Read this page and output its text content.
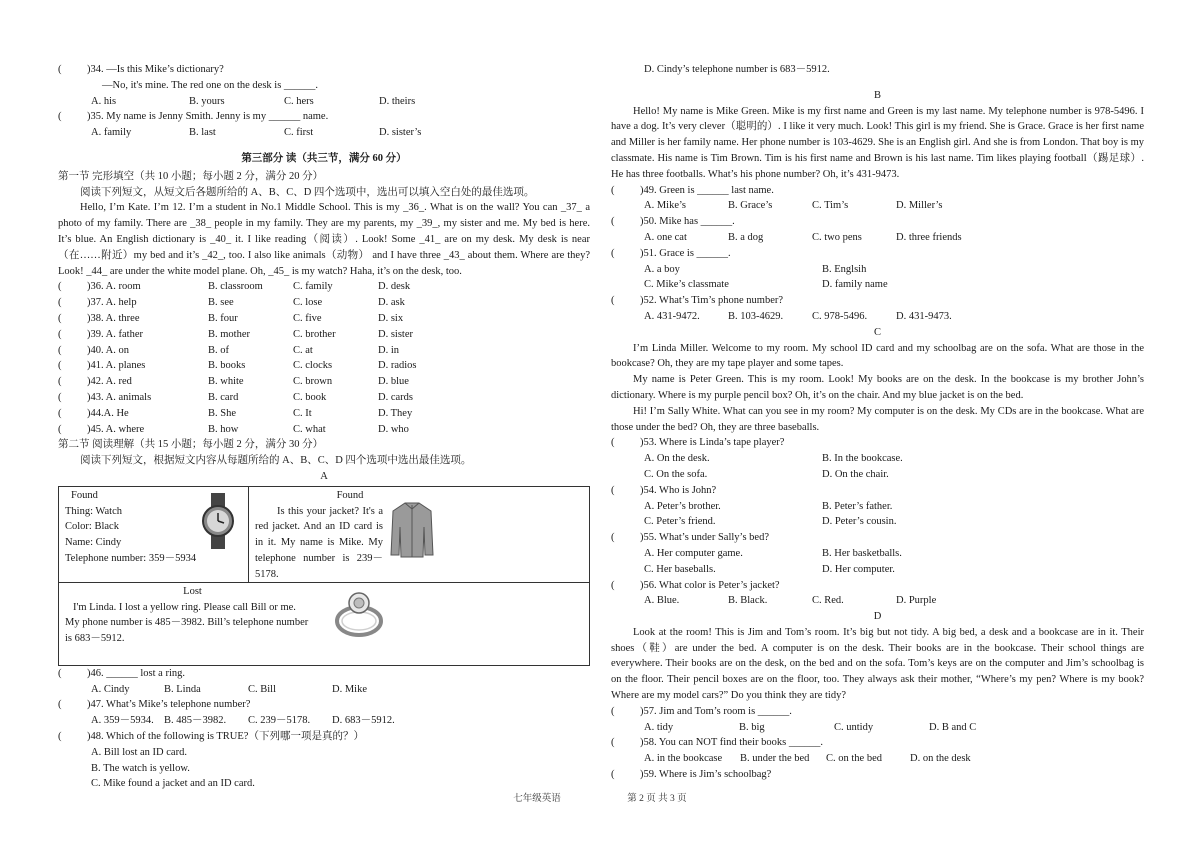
(	)34. —Is this Mike’s dictionary?
—No, it's mine. The red one on the desk is ______.
A. his	B. yours	C. hers	D. theirs
(	)35. My name is Jenny Smith. Jenny is my ______ name.
A. family	B. last	C. first	D. sister’s
第三部分 读（共三节，满分 60 分）
第一节 完形填空（共 10 小题；每小题 2 分，满分 20 分）
阅读下列短文，从短文后各题所给的 A、B、C、D 四个选项中，选出可以填入空白处的最佳选项。
Hello, I’m Kate. I’m 12. I’m a student in No.1 Middle School. This is my _36_. What is on the wall? You can _37_ a photo of my family. There are _38_ people in my family. They are my parents, my _39_, my sister and me. My bed is here. It’s blue. An English dictionary is _40_ it. I like reading（阅读）. Look! Some _41_ are on my desk. My desk is near（在……附近）my bed and it’s _42_, too. I also like animals（动物） and I have three _43_ about them. Where are they? Look! _44_ are under the white model plane. Oh, _45_ is my watch? Haha, it’s on the desk, too.
(	)36. A. room	B. classroom	C. family	D. desk
(	)37. A. help	B. see	C. lose	D. ask
(	)38. A. three	B. four	C. five	D. six
(	)39. A. father	B. mother	C. brother	D. sister
(	)40. A. on	B. of	C. at	D. in
(	)41. A. planes	B. books	C. clocks	D. radios
(	)42. A. red	B. white	C. brown	D. blue
(	)43. A. animals	B. card	C. book	D. cards
(	)44.A. He	B. She	C. It	D. They
(	)45. A. where	B. how	C. what	D. who
第二节 阅读理解（共 15 小题；每小题 2 分，满分 30 分）
阅读下列短文，根据短文内容从每题所给的 A、B、C、D 四个选项中选出最佳选项。
A
Found
Thing: Watch
Color: Black
Name: Cindy
Telephone number: 359－5934
Found
Is this your jacket? It's a red jacket. And an ID card is in it. My name is Mike. My telephone number is 239－5178.
Lost
I'm Linda. I lost a yellow ring. Please call Bill or me.
My phone number is 485－3982. Bill’s telephone number
is 683－5912.
(	)46. ______ lost a ring.
A. Cindy	B. Linda	C. Bill	D. Mike
(	)47. What’s Mike’s telephone number?
A. 359－5934. B. 485－3982.	C. 239－5178.	D. 683－5912.
(	)48. Which of the following is TRUE?（下列哪一项是真的？）
A. Bill lost an ID card.
B. The watch is yellow.
C. Mike found a jacket and an ID card.
D. Cindy’s telephone number is 683－5912.
B
Hello! My name is Mike Green. Mike is my first name and Green is my last name. My telephone number is 978-5496. I have a dog. It’s very clever（聪明的）. I like it very much. Look! This girl is my friend. She is Grace. Grace is her first name and Miller is her family name. Her phone number is 103-4629. She is an English girl. And she is from London. That boy is my classmate. His name is Tim Brown. Tim is his first name and Brown is his last name. Tim likes playing football（踢足球）. He has three footballs. What’s his phone number? Oh, it’s 431-9473.
(	)49. Green is ______ last name.
A. Mike’s	B. Grace’s	C. Tim’s	D. Miller’s
(	)50. Mike has ______.
A. one cat	B. a dog	C. two pens	D. three friends
(	)51. Grace is ______.
A. a boy	B. Englsih
C. Mike’s classmate	D. family name
(	)52. What’s Tim’s phone number?
A. 431-9472.	B. 103-4629.	C. 978-5496.	D. 431-9473.
C
I’m Linda Miller. Welcome to my room. My school ID card and my schoolbag are on the sofa. What are those in the bookcase? Oh, they are my tape player and some tapes.
My name is Peter Green. This is my room. Look! My books are on the desk. In the bookcase is my brother John’s dictionary. Where is my purple pencil box? Oh, it’s on the chair. And my blue jacket is on the bed.
Hi! I’m Sally White. What can you see in my room? My computer is on the desk. My CDs are in the bookcase. What are those under the bed? Oh, they are three baseballs.
(	)53. Where is Linda’s tape player?
A. On the desk.	B. In the bookcase.
C. On the sofa.	D. On the chair.
(	)54. Who is John?
A. Peter’s brother.	B. Peter’s father.
C. Peter’s friend.	D. Peter’s cousin.
(	)55. What’s under Sally’s bed?
A. Her computer game.	B. Her basketballs.
C. Her baseballs.	D. Her computer.
(	)56. What color is Peter’s jacket?
A. Blue.	B. Black.	C. Red.	D. Purple
D
Look at the room! This is Jim and Tom’s room. It’s big but not tidy. A big bed, a desk and a bookcase are in it. Their shoes（鞋）are under the bed. A computer is on the desk. Their books are in the bookcase. Their school things are everywhere. Their books are on the desk, on the bed and on the sofa. Tom’s keys are on the computer and Jim’s schoolbag is on the floor. Their pencil boxes are on the floor, too. They always ask their mother, “Where’s my pen? Where is my book? Where are my model cars?” Do you think they are tidy?
(	)57. Jim and Tom’s room is ______.
A. tidy	B. big	C. untidy	D. B and C
(	)58. You can NOT find their books ______.
A. in the bookcase	B. under the bed	C. on the bed	D. on the desk
(	)59. Where is Jim’s schoolbag?
七年级英语　　　　　　　第 2 页 共 3 页
